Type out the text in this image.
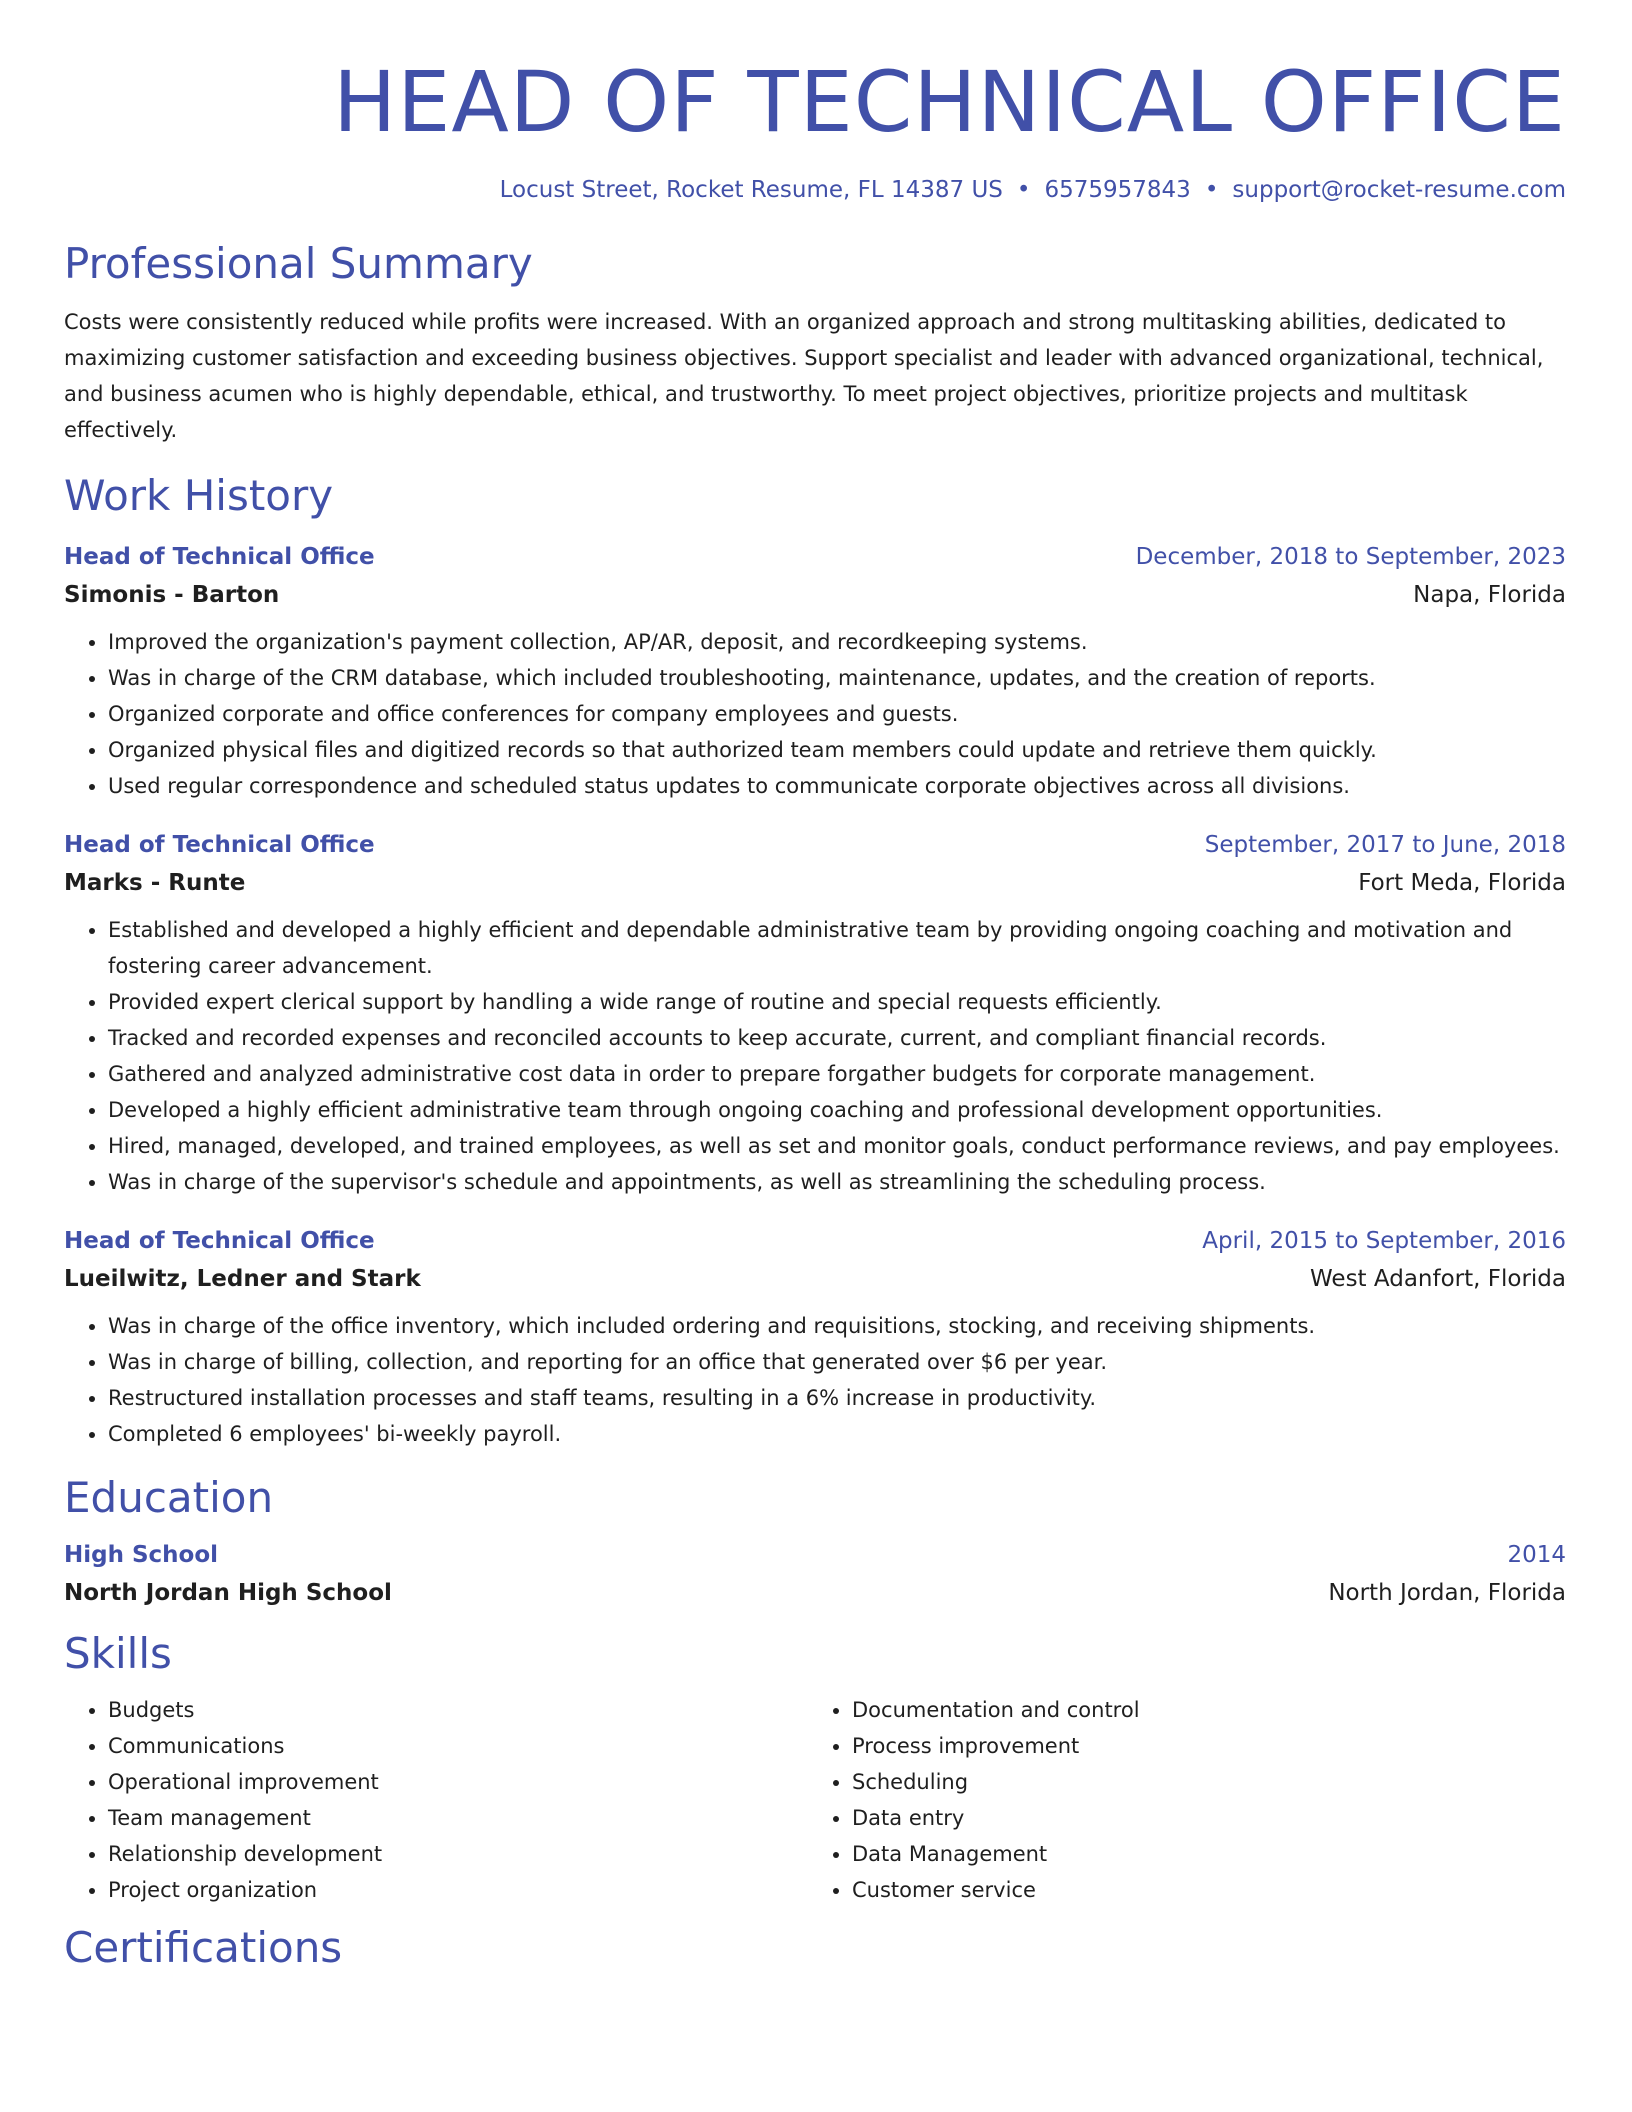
HEAD OF TECHNICAL OFFICE
Locust Street, Rocket Resume, FL 14387 US • 6575957843 • support@rocket-resume.com
Professional Summary

Costs were consistently reduced while profits were increased. With an organized approach and strong multitasking abilities, dedicated to maximizing customer satisfaction and exceeding business objectives. Support specialist and leader with advanced organizational, technical, and business acumen who is highly dependable, ethical, and trustworthy. To meet project objectives, prioritize projects and multitask effectively.

Work History
Head of Technical Office	December, 2018 to September, 2023
Simonis - Barton	Napa, Florida
• Improved the organization's payment collection, AP/AR, deposit, and recordkeeping systems.
• Was in charge of the CRM database, which included troubleshooting, maintenance, updates, and the creation of reports.
• Organized corporate and office conferences for company employees and guests.
• Organized physical files and digitized records so that authorized team members could update and retrieve them quickly.
• Used regular correspondence and scheduled status updates to communicate corporate objectives across all divisions.
Head of Technical Office	September, 2017 to June, 2018
Marks - Runte	Fort Meda, Florida
• Established and developed a highly efficient and dependable administrative team by providing ongoing coaching and motivation and fostering career advancement.
• Provided expert clerical support by handling a wide range of routine and special requests efficiently.
• Tracked and recorded expenses and reconciled accounts to keep accurate, current, and compliant financial records.
• Gathered and analyzed administrative cost data in order to prepare forgather budgets for corporate management.
• Developed a highly efficient administrative team through ongoing coaching and professional development opportunities.
• Hired, managed, developed, and trained employees, as well as set and monitor goals, conduct performance reviews, and pay employees.
• Was in charge of the supervisor's schedule and appointments, as well as streamlining the scheduling process.
Head of Technical Office	April, 2015 to September, 2016
Lueilwitz, Ledner and Stark	West Adanfort, Florida
• Was in charge of the office inventory, which included ordering and requisitions, stocking, and receiving shipments.
• Was in charge of billing, collection, and reporting for an office that generated over $6 per year.
• Restructured installation processes and staff teams, resulting in a 6% increase in productivity.
• Completed 6 employees' bi-weekly payroll.
Education
High School	2014
North Jordan High School	North Jordan, Florida
Skills
• Budgets
• Communications
• Operational improvement
• Team management
• Relationship development
• Project organization
• Documentation and control
• Process improvement
• Scheduling
• Data entry
• Data Management
• Customer service
Certifications
